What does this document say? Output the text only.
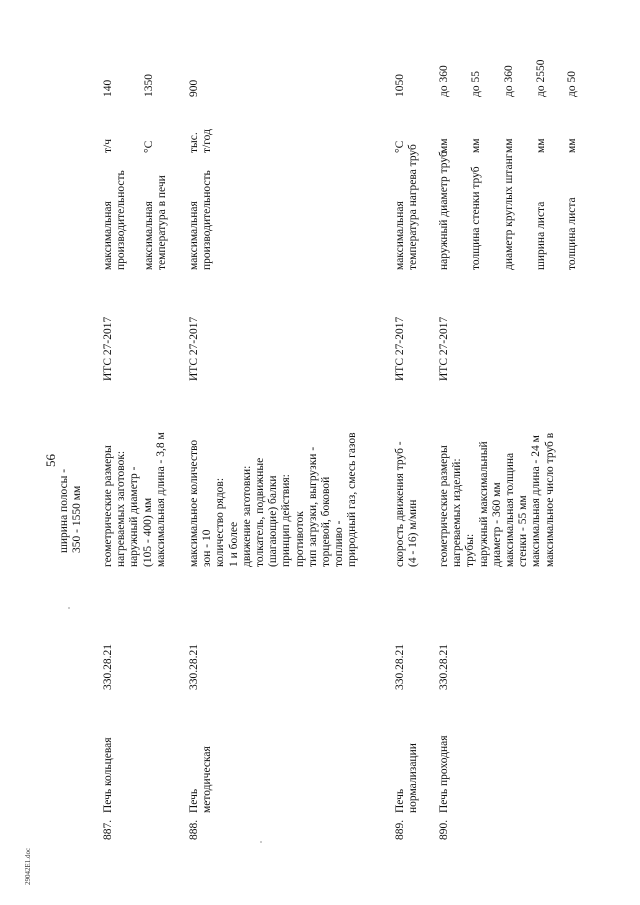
56
ширина полосы - 350 - 1550 мм
887.
Печь кольцевая
330.28.21
геометрические размеры нагреваемых заготовок: наружный диаметр - (105 - 400) мм максимальная длина - 3,8 м
ИТС 27-2017
максимальная производительность
т/ч
140
максимальная температура в печи
°С
1350
888.
Печь методическая
330.28.21
максимальное количество зон - 10 количество рядов: 1 и более движение заготовки: толкатель, подвижные (шагающие) балки принцип действия: противоток тип загрузки, выгрузки - торцевой, боковой топливо - природный газ, смесь газов
ИТС 27-2017
максимальная производительность
тыс. т/год
900
889.
Печь нормализации
330.28.21
скорость движения труб - (4 - 16) м/мин
ИТС 27-2017
максимальная температура нагрева труб
°С
1050
890.
Печь проходная
330.28.21
геометрические размеры нагреваемых изделий: трубы: наружный максимальный диаметр - 360 мм максимальная толщина стенки - 55 мм максимальная длина - 24 м максимальное число труб в
ИТС 27-2017
наружный диаметр труб
мм
до 360
толщина стенки труб
мм
до 55
диаметр круглых штанг
мм
до 360
ширина листа
мм
до 2550
толщина листа
мм
до 50
29042E1.doc
